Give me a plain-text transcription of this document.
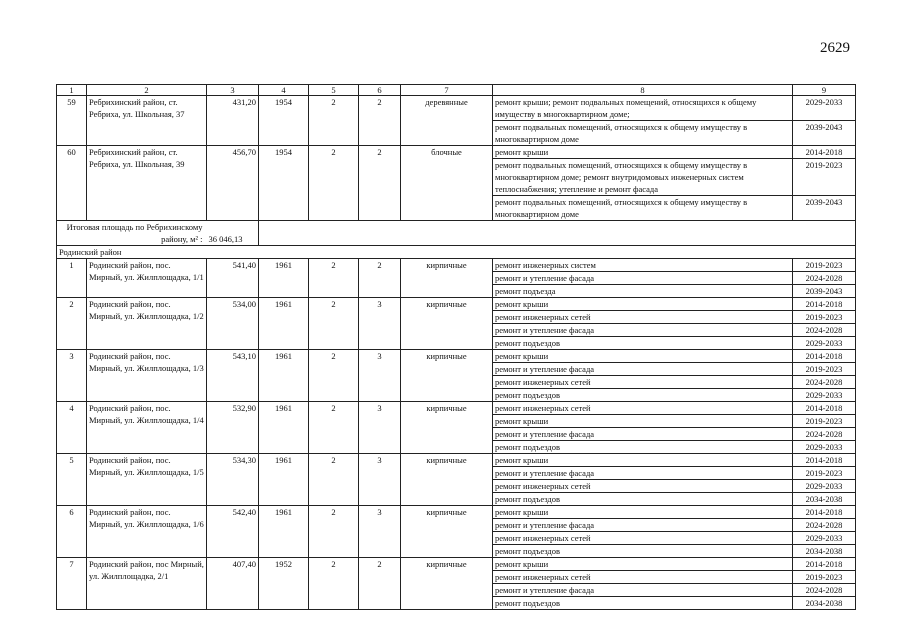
2629
1	2	3	4	5	6	7	8	9
59	Ребрихинский район, ст. Ребриха, ул. Школьная, 37	431,20	1954	2	2	деревянные	ремонт крыши; ремонт подвальных помещений, относящихся к общему имуществу в многоквартирном доме;	2029-2033
							ремонт подвальных помещений, относящихся к общему имуществу в многоквартирном доме	2039-2043
60	Ребрихинский район, ст. Ребриха, ул. Школьная, 39	456,70	1954	2	2	блочные	ремонт крыши	2014-2018
							ремонт подвальных помещений, относящихся к общему имуществу в многоквартирном доме; ремонт внутридомовых инженерных систем теплоснабжения; утепление и ремонт фасада	2019-2023
							ремонт подвальных помещений, относящихся к общему имуществу в многоквартирном доме	2039-2043
Итоговая площадь по Ребрихинскому району, м² :		36 046,13						
Родинский район								
1	Родинский район, пос. Мирный, ул. Жилплощадка, 1/1	541,40	1961	2	2	кирпичные	ремонт инженерных систем	2019-2023
							ремонт и утепление фасада	2024-2028
							ремонт подъезда	2039-2043
2	Родинский район, пос. Мирный, ул. Жилплощадка, 1/2	534,00	1961	2	3	кирпичные	ремонт крыши	2014-2018
							ремонт инженерных сетей	2019-2023
							ремонт и утепление фасада	2024-2028
							ремонт подъездов	2029-2033
3	Родинский район, пос. Мирный, ул. Жилплощадка, 1/3	543,10	1961	2	3	кирпичные	ремонт крыши	2014-2018
							ремонт и утепление фасада	2019-2023
							ремонт инженерных сетей	2024-2028
							ремонт подъездов	2029-2033
4	Родинский район, пос. Мирный, ул. Жилплощадка, 1/4	532,90	1961	2	3	кирпичные	ремонт инженерных сетей	2014-2018
							ремонт крыши	2019-2023
							ремонт и утепление фасада	2024-2028
							ремонт подъездов	2029-2033
5	Родинский район, пос. Мирный, ул. Жилплощадка, 1/5	534,30	1961	2	3	кирпичные	ремонт крыши	2014-2018
							ремонт и утепление фасада	2019-2023
							ремонт инженерных сетей	2029-2033
							ремонт подъездов	2034-2038
6	Родинский район, пос. Мирный, ул. Жилплощадка, 1/6	542,40	1961	2	3	кирпичные	ремонт крыши	2014-2018
							ремонт и утепление фасада	2024-2028
							ремонт инженерных сетей	2029-2033
							ремонт подъездов	2034-2038
7	Родинский район, пос Мирный, ул. Жилплощадка, 2/1	407,40	1952	2	2	кирпичные	ремонт крыши	2014-2018
							ремонт инженерных сетей	2019-2023
							ремонт и утепление фасада	2024-2028
							ремонт подъездов	2034-2038
